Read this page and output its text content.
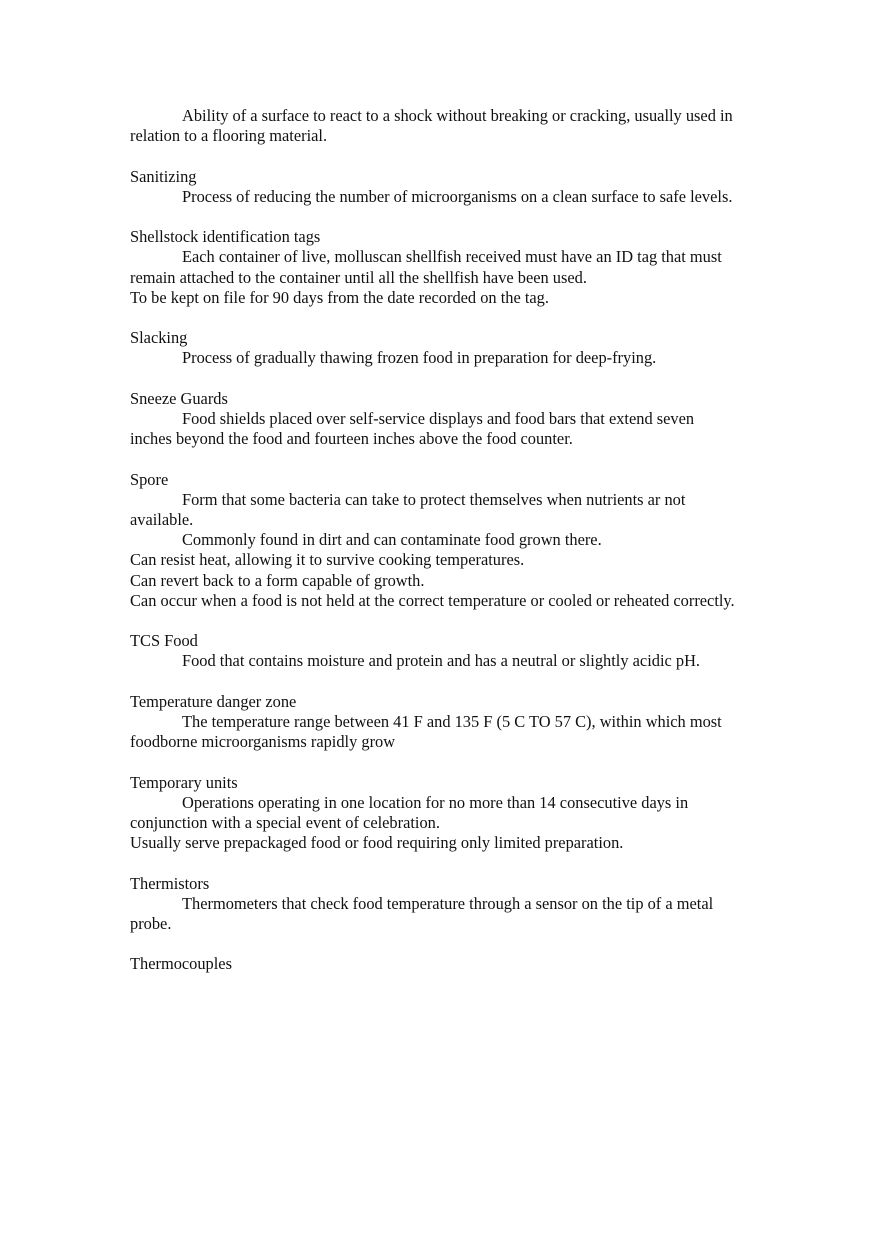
Ability of a surface to react to a shock without breaking or cracking, usually used in relation to a flooring material.

Sanitizing

Process of reducing the number of microorganisms on a clean surface to safe levels.

Shellstock identification tags

Each container of live, molluscan shellfish received must have an ID tag that must remain attached to the container until all the shellfish have been used.

To be kept on file for 90 days from the date recorded on the tag.

Slacking

Process of gradually thawing frozen food in preparation for deep-frying.

Sneeze Guards

Food shields placed over self-service displays and food bars that extend seven inches beyond the food and fourteen inches above the food counter.

Spore

Form that some bacteria can take to protect themselves when nutrients ar not available.

Commonly found in dirt and can contaminate food grown there.

Can resist heat, allowing it to survive cooking temperatures.

Can revert back to a form capable of growth.

Can occur when a food is not held at the correct temperature or cooled or reheated correctly.

TCS Food

Food that contains moisture and protein and has a neutral or slightly acidic pH.

Temperature danger zone

The temperature range between 41 F and 135 F (5 C TO 57 C), within which most foodborne microorganisms rapidly grow

Temporary units

Operations operating in one location for no more than 14 consecutive days in conjunction with a special event of celebration.

Usually serve prepackaged food or food requiring only limited preparation.

Thermistors

Thermometers that check food temperature through a sensor on the tip of a metal probe.

Thermocouples
